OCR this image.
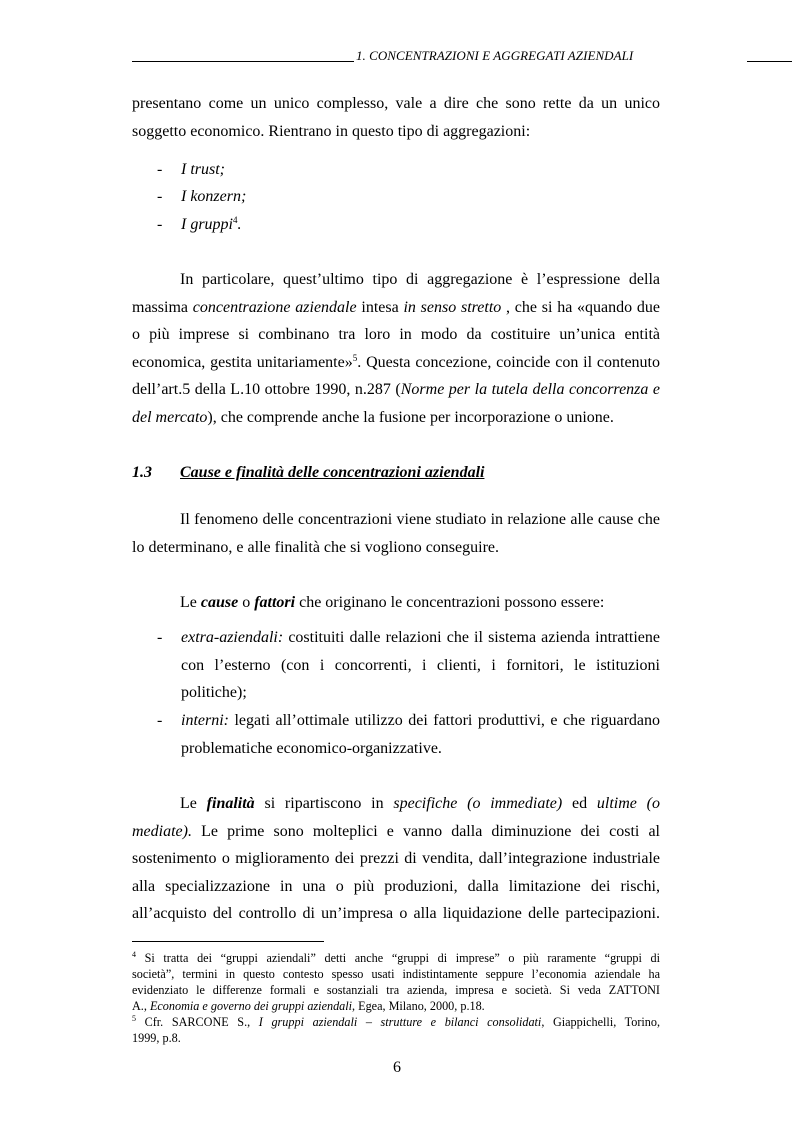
1. CONCENTRAZIONI E AGGREGATI AZIENDALI
presentano come un unico complesso, vale a dire che sono rette da un unico
soggetto economico. Rientrano in questo tipo di aggregazioni:
- I trust;
- I konzern;
- I gruppi$^4$.
In particolare, quest’ultimo tipo di aggregazione è l’espressione della
massima concentrazione aziendale intesa in senso stretto , che si ha «quando due
o più imprese si combinano tra loro in modo da costituire un’unica entità
economica, gestita unitariamente»$^5$. Questa concezione, coincide con il contenuto
dell’art.5 della L.10 ottobre 1990, n.287 (Norme per la tutela della concorrenza e
del mercato), che comprende anche la fusione per incorporazione o unione.
1.3 Cause e finalità delle concentrazioni aziendali
Il fenomeno delle concentrazioni viene studiato in relazione alle cause che
lo determinano, e alle finalità che si vogliono conseguire.
Le cause o fattori che originano le concentrazioni possono essere:
- extra-aziendali: costituiti dalle relazioni che il sistema azienda intrattiene
con l’esterno (con i concorrenti, i clienti, i fornitori, le istituzioni
politiche);
- interni: legati all’ottimale utilizzo dei fattori produttivi, e che riguardano
problematiche economico-organizzative.
Le finalità si ripartiscono in specifiche (o immediate) ed ultime (o
mediate). Le prime sono molteplici e vanno dalla diminuzione dei costi al
sostenimento o miglioramento dei prezzi di vendita, dall’integrazione industriale
alla specializzazione in una o più produzioni, dalla limitazione dei rischi,
all’acquisto del controllo di un’impresa o alla liquidazione delle partecipazioni.
$^4$ Si tratta dei “gruppi aziendali” detti anche “gruppi di imprese” o più raramente “gruppi di
società”, termini in questo contesto spesso usati indistintamente seppure l’economia aziendale ha
evidenziato le differenze formali e sostanziali tra azienda, impresa e società. Si veda ZATTONI
A., Economia e governo dei gruppi aziendali, Egea, Milano, 2000, p.18.
$^5$ Cfr. SARCONE S., I gruppi aziendali – strutture e bilanci consolidati, Giappichelli, Torino,
1999, p.8.
6
